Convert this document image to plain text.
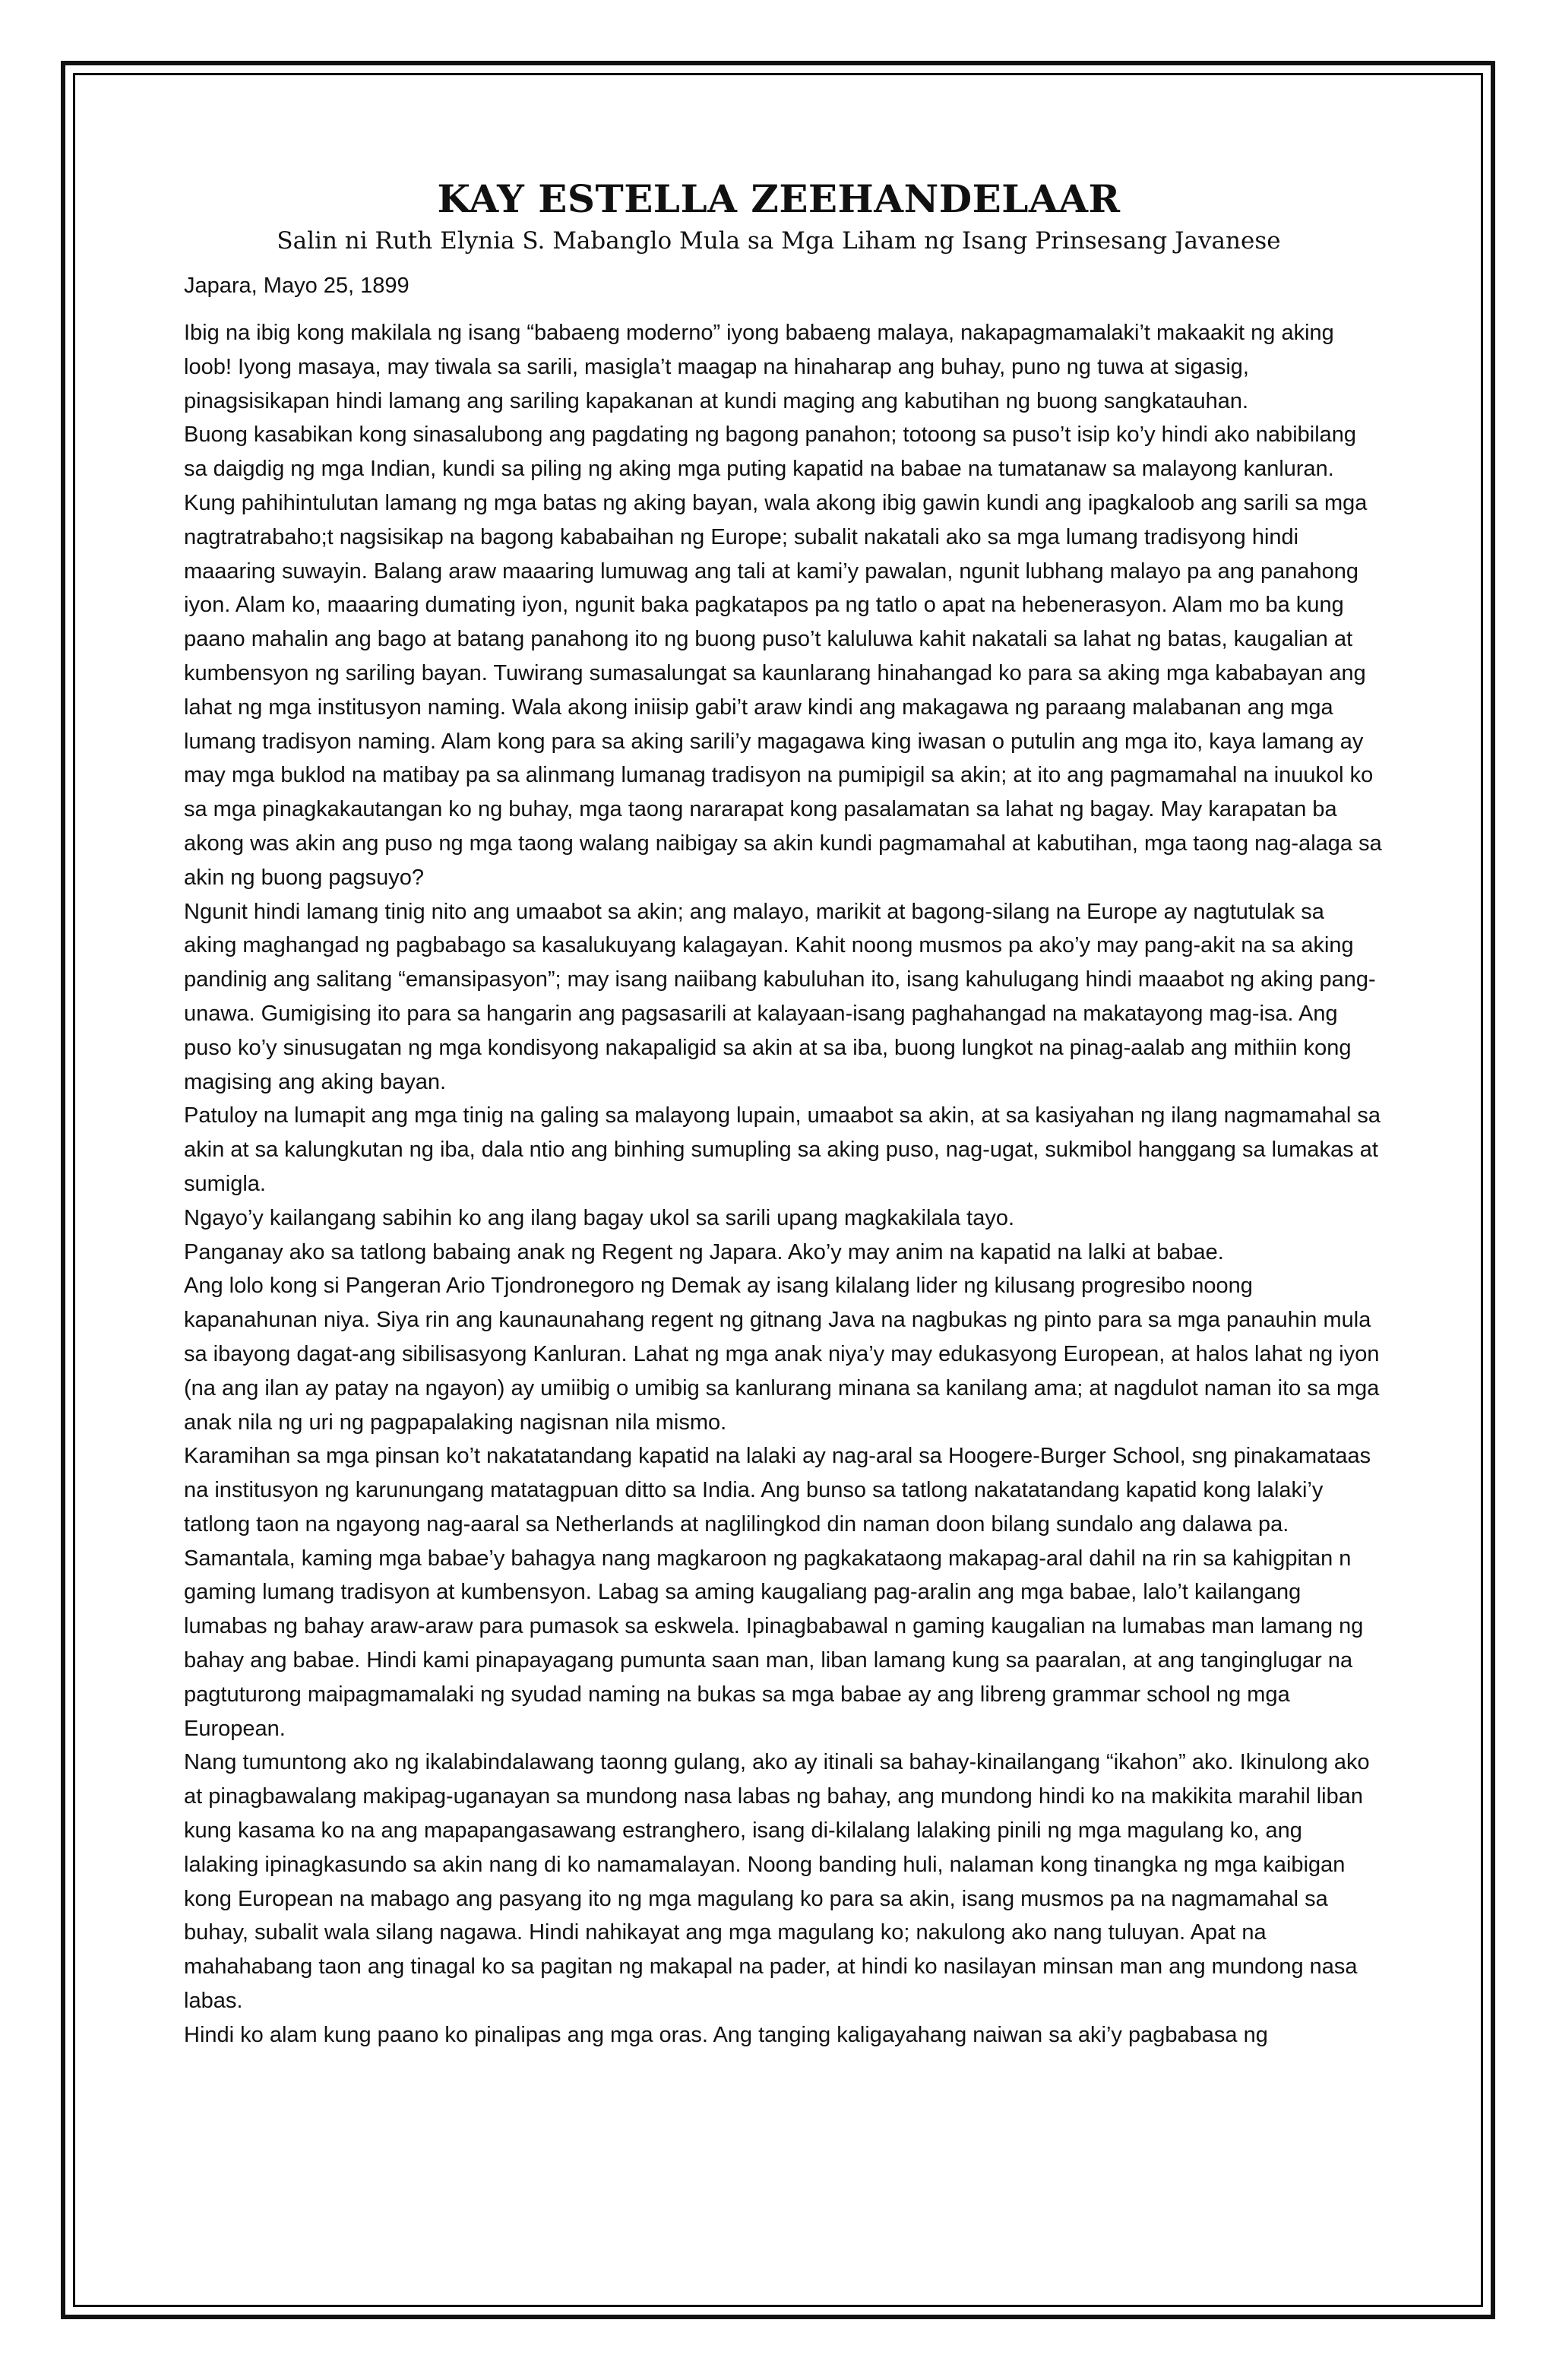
KAY ESTELLA ZEEHANDELAAR
Salin ni Ruth Elynia S. Mabanglo Mula sa Mga Liham ng Isang Prinsesang Javanese
Japara, Mayo 25, 1899

Ibig na ibig kong makilala ng isang “babaeng moderno” iyong babaeng malaya, nakapagmamalaki’t makaakit ng aking loob! Iyong masaya, may tiwala sa sarili, masigla’t maagap na hinaharap ang buhay, puno ng tuwa at sigasig, pinagsisikapan hindi lamang ang sariling kapakanan at kundi maging ang kabutihan ng buong sangkatauhan.

Buong kasabikan kong sinasalubong ang pagdating ng bagong panahon; totoong sa puso’t isip ko’y hindi ako nabibilang sa daigdig ng mga Indian, kundi sa piling ng aking mga puting kapatid na babae na tumatanaw sa malayong kanluran.

Kung pahihintulutan lamang ng mga batas ng aking bayan, wala akong ibig gawin kundi ang ipagkaloob ang sarili sa mga nagtratrabaho;t nagsisikap na bagong kababaihan ng Europe; subalit nakatali ako sa mga lumang tradisyong hindi maaaring suwayin. Balang araw maaaring lumuwag ang tali at kami’y pawalan, ngunit lubhang malayo pa ang panahong iyon. Alam ko, maaaring dumating iyon, ngunit baka pagkatapos pa ng tatlo o apat na hebenerasyon. Alam mo ba kung paano mahalin ang bago at batang panahong ito ng buong puso’t kaluluwa kahit nakatali sa lahat ng batas, kaugalian at kumbensyon ng sariling bayan. Tuwirang sumasalungat sa kaunlarang hinahangad ko para sa aking mga kababayan ang lahat ng mga institusyon naming. Wala akong iniisip gabi’t araw kindi ang makagawa ng paraang malabanan ang mga lumang tradisyon naming. Alam kong para sa aking sarili’y magagawa king iwasan o putulin ang mga ito, kaya lamang ay may mga buklod na matibay pa sa alinmang lumanag tradisyon na pumipigil sa akin; at ito ang pagmamahal na inuukol ko sa mga pinagkakautangan ko ng buhay, mga taong nararapat kong pasalamatan sa lahat ng bagay. May karapatan ba akong was akin ang puso ng mga taong walang naibigay sa akin kundi pagmamahal at kabutihan, mga taong nag-alaga sa akin ng buong pagsuyo?

Ngunit hindi lamang tinig nito ang umaabot sa akin; ang malayo, marikit at bagong-silang na Europe ay nagtutulak sa aking maghangad ng pagbabago sa kasalukuyang kalagayan. Kahit noong musmos pa ako’y may pang-akit na sa aking pandinig ang salitang “emansipasyon”; may isang naiibang kabuluhan ito, isang kahulugang hindi maaabot ng aking pang-unawa. Gumigising ito para sa hangarin ang pagsasarili at kalayaan-isang paghahangad na makatayong mag-isa. Ang puso ko’y sinusugatan ng mga kondisyong nakapaligid sa akin at sa iba, buong lungkot na pinag-aalab ang mithiin kong magising ang aking bayan.

Patuloy na lumapit ang mga tinig na galing sa malayong lupain, umaabot sa akin, at sa kasiyahan ng ilang nagmamahal sa akin at sa kalungkutan ng iba, dala ntio ang binhing sumupling sa aking puso, nag-ugat, sukmibol hanggang sa lumakas at sumigla.

Ngayo’y kailangang sabihin ko ang ilang bagay ukol sa sarili upang magkakilala tayo.

Panganay ako sa tatlong babaing anak ng Regent ng Japara. Ako’y may anim na kapatid na lalki at babae.

Ang lolo kong si Pangeran Ario Tjondronegoro ng Demak ay isang kilalang lider ng kilusang progresibo noong kapanahunan niya. Siya rin ang kaunaunahang regent ng gitnang Java na nagbukas ng pinto para sa mga panauhin mula sa ibayong dagat-ang sibilisasyong Kanluran. Lahat ng mga anak niya’y may edukasyong European, at halos lahat ng iyon (na ang ilan ay patay na ngayon) ay umiibig o umibig sa kanlurang minana sa kanilang ama; at nagdulot naman ito sa mga anak nila ng uri ng pagpapalaking nagisnan nila mismo.

Karamihan sa mga pinsan ko’t nakatatandang kapatid na lalaki ay nag-aral sa Hoogere-Burger School, sng pinakamataas na institusyon ng karunungang matatagpuan ditto sa India. Ang bunso sa tatlong nakatatandang kapatid kong lalaki’y tatlong taon na ngayong nag-aaral sa Netherlands at naglilingkod din naman doon bilang sundalo ang dalawa pa. Samantala, kaming mga babae’y bahagya nang magkaroon ng pagkakataong makapag-aral dahil na rin sa kahigpitan n gaming lumang tradisyon at kumbensyon. Labag sa aming kaugaliang pag-aralin ang mga babae, lalo’t kailangang lumabas ng bahay araw-araw para pumasok sa eskwela. Ipinagbabawal n gaming kaugalian na lumabas man lamang ng bahay ang babae. Hindi kami pinapayagang pumunta saan man, liban lamang kung sa paaralan, at ang tanginglugar na pagtuturong maipagmamalaki ng syudad naming na bukas sa mga babae ay ang libreng grammar school ng mga European.

Nang tumuntong ako ng ikalabindalawang taonng gulang, ako ay itinali sa bahay-kinailangang “ikahon” ako. Ikinulong ako at pinagbawalang makipag-uganayan sa mundong nasa labas ng bahay, ang mundong hindi ko na makikita marahil liban kung kasama ko na ang mapapangasawang estranghero, isang di-kilalang lalaking pinili ng mga magulang ko, ang lalaking ipinagkasundo sa akin nang di ko namamalayan. Noong banding huli, nalaman kong tinangka ng mga kaibigan kong European na mabago ang pasyang ito ng mga magulang ko para sa akin, isang musmos pa na nagmamahal sa buhay, subalit wala silang nagawa. Hindi nahikayat ang mga magulang ko; nakulong ako nang tuluyan. Apat na mahahabang taon ang tinagal ko sa pagitan ng makapal na pader, at hindi ko nasilayan minsan man ang mundong nasa labas.

Hindi ko alam kung paano ko pinalipas ang mga oras. Ang tanging kaligayahang naiwan sa aki’y pagbabasa ng
